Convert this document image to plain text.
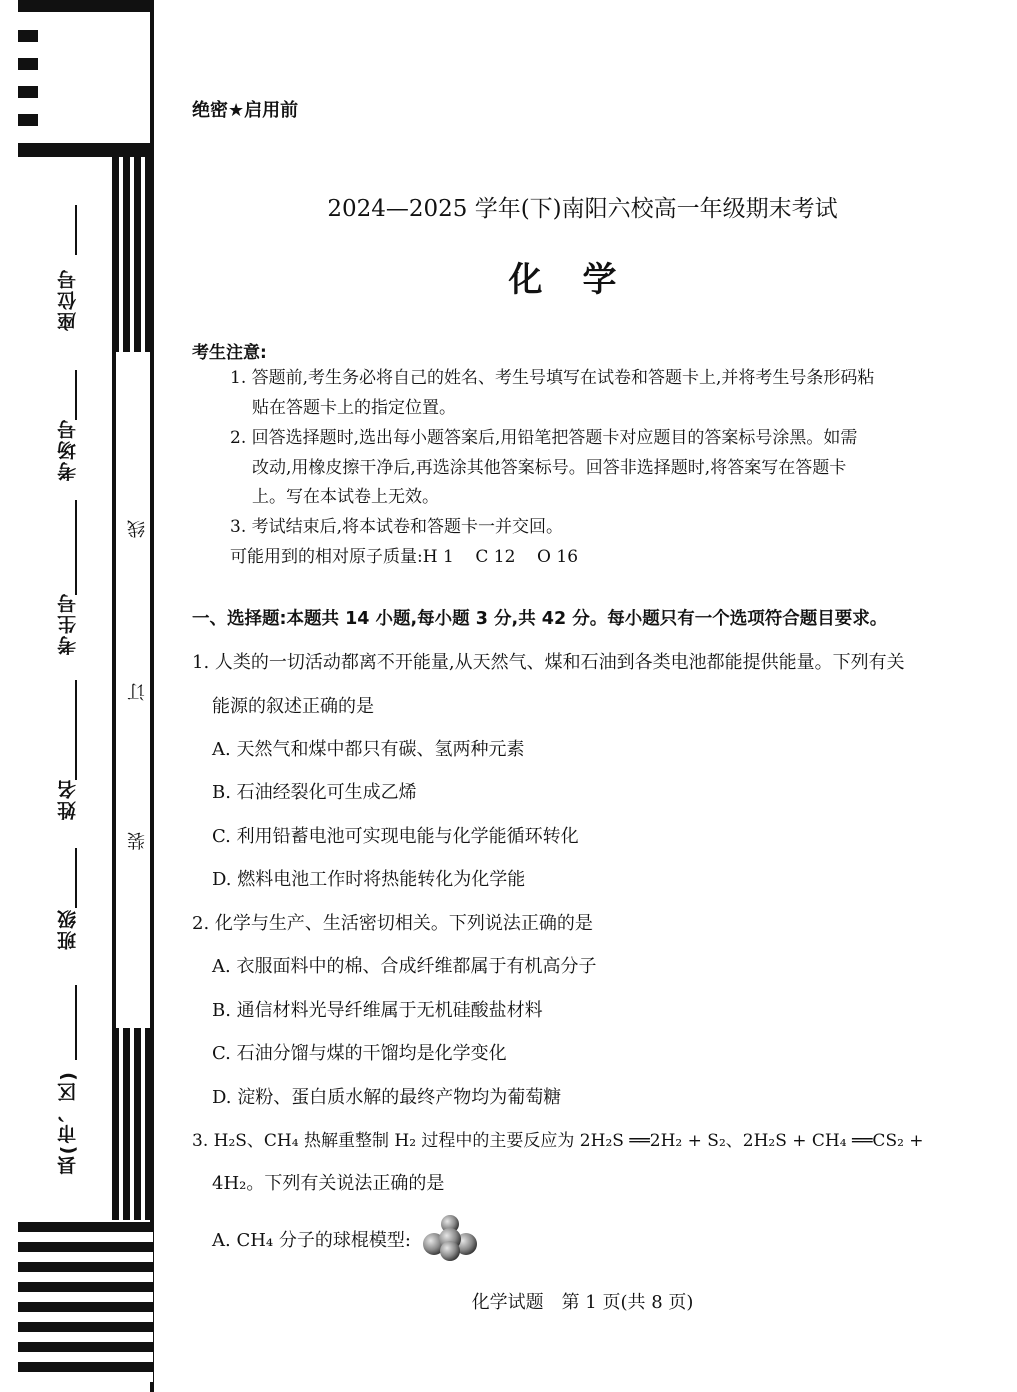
座位号
考场号
考生号
姓名
班级
县(市、区)
线
订
装
绝密★启用前
2024—2025 学年(下)南阳六校高一年级期末考试
化学
考生注意:
1. 答题前,考生务必将自己的姓名、考生号填写在试卷和答题卡上,并将考生号条形码粘
贴在答题卡上的指定位置。
2. 回答选择题时,选出每小题答案后,用铅笔把答题卡对应题目的答案标号涂黑。如需
改动,用橡皮擦干净后,再选涂其他答案标号。回答非选择题时,将答案写在答题卡
上。写在本试卷上无效。
3. 考试结束后,将本试卷和答题卡一并交回。
可能用到的相对原子质量:H 1    C 12    O 16
一、选择题:本题共 14 小题,每小题 3 分,共 42 分。每小题只有一个选项符合题目要求。
1. 人类的一切活动都离不开能量,从天然气、煤和石油到各类电池都能提供能量。下列有关
能源的叙述正确的是
A. 天然气和煤中都只有碳、氢两种元素
B. 石油经裂化可生成乙烯
C. 利用铅蓄电池可实现电能与化学能循环转化
D. 燃料电池工作时将热能转化为化学能
2. 化学与生产、生活密切相关。下列说法正确的是
A. 衣服面料中的棉、合成纤维都属于有机高分子
B. 通信材料光导纤维属于无机硅酸盐材料
C. 石油分馏与煤的干馏均是化学变化
D. 淀粉、蛋白质水解的最终产物均为葡萄糖
3. H₂S、CH₄ 热解重整制 H₂ 过程中的主要反应为 2H₂S ══2H₂ + S₂、2H₂S + CH₄ ══CS₂ +
4H₂。下列有关说法正确的是
A. CH₄ 分子的球棍模型:
化学试题　第 1 页(共 8 页)
